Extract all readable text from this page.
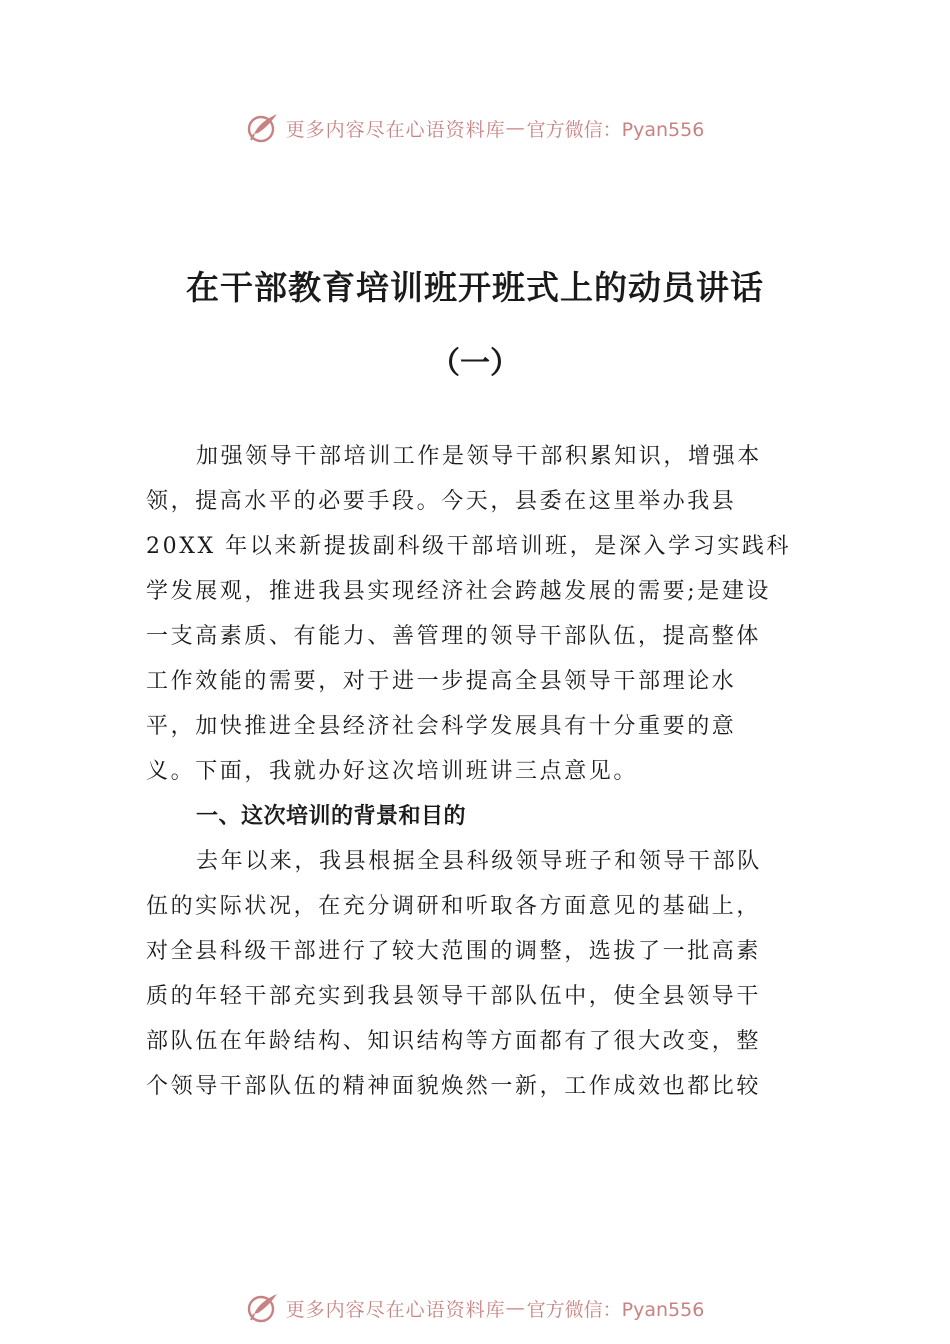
更多内容尽在心语资料库 — 官方微信：Pyan556
在干部教育培训班开班式上的动员讲话
（一）
加强领导干部培训工作是领导干部积累知识，增强本
领，提高水平的必要手段。今天，县委在这里举办我县
20XX 年以来新提拔副科级干部培训班，是深入学习实践科
学发展观，推进我县实现经济社会跨越发展的需要;是建设
一支高素质、有能力、善管理的领导干部队伍，提高整体
工作效能的需要，对于进一步提高全县领导干部理论水
平，加快推进全县经济社会科学发展具有十分重要的意
义。下面，我就办好这次培训班讲三点意见。
一、这次培训的背景和目的
去年以来，我县根据全县科级领导班子和领导干部队
伍的实际状况，在充分调研和听取各方面意见的基础上，
对全县科级干部进行了较大范围的调整，选拔了一批高素
质的年轻干部充实到我县领导干部队伍中，使全县领导干
部队伍在年龄结构、知识结构等方面都有了很大改变，整
个领导干部队伍的精神面貌焕然一新，工作成效也都比较
更多内容尽在心语资料库 — 官方微信：Pyan556
